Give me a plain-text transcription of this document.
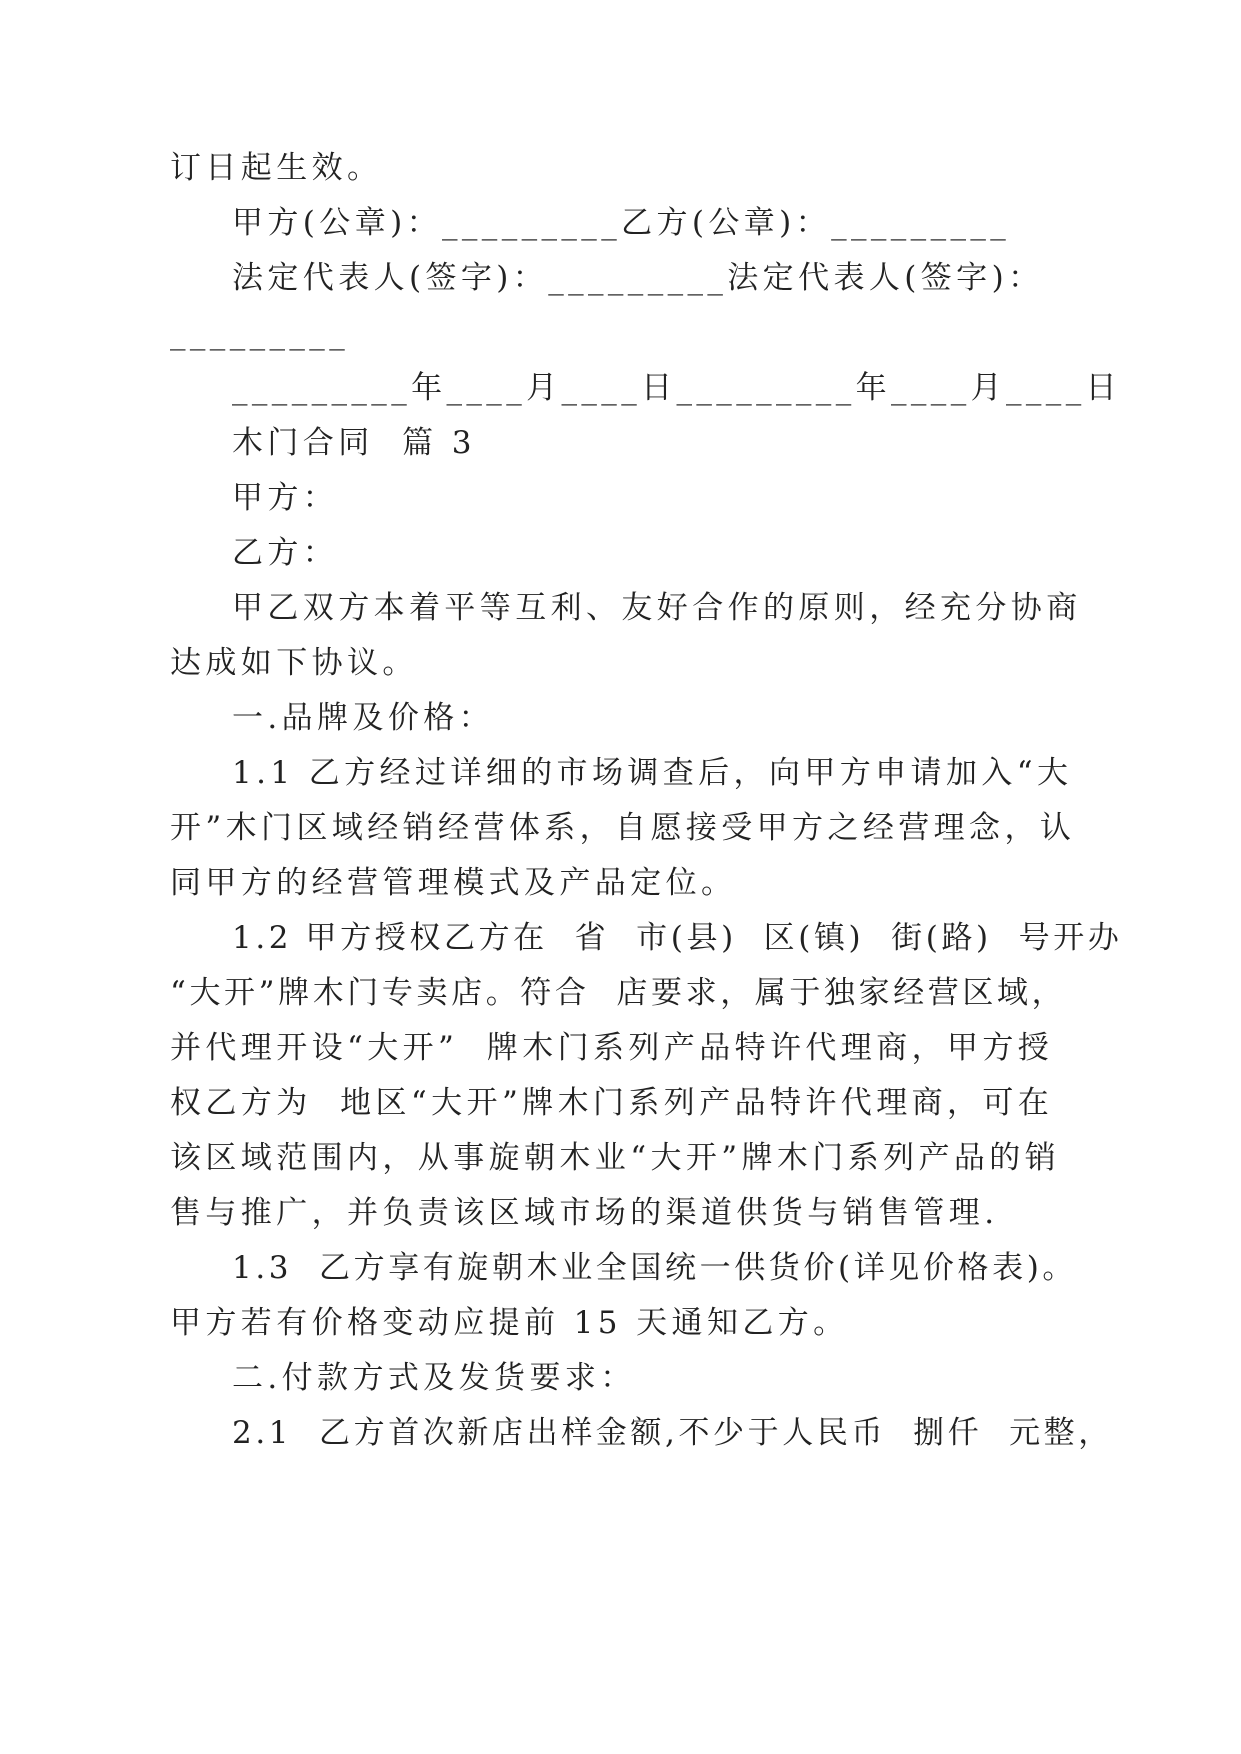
订日起生效。

甲方(公章)：_________乙方(公章)：_________

法定代表人(签字)：_________法定代表人(签字)：

_________

_________年____月____日_________年____月____日

木门合同  篇 3

甲方：

乙方：

甲乙双方本着平等互利、友好合作的原则，经充分协商

达成如下协议。

一.品牌及价格：

1.1 乙方经过详细的市场调查后，向甲方申请加入“大

开”木门区域经销经营体系，自愿接受甲方之经营理念，认

同甲方的经营管理模式及产品定位。

1.2 甲方授权乙方在  省  市(县)  区(镇)  街(路)  号开办

“大开”牌木门专卖店。符合  店要求，属于独家经营区域，

并代理开设“大开”  牌木门系列产品特许代理商，甲方授

权乙方为  地区“大开”牌木门系列产品特许代理商，可在

该区域范围内，从事旋朝木业“大开”牌木门系列产品的销

售与推广，并负责该区域市场的渠道供货与销售管理.

1.3  乙方享有旋朝木业全国统一供货价(详见价格表)。

甲方若有价格变动应提前 15 天通知乙方。

二.付款方式及发货要求：

2.1  乙方首次新店出样金额,不少于人民币  捌仟  元整，
